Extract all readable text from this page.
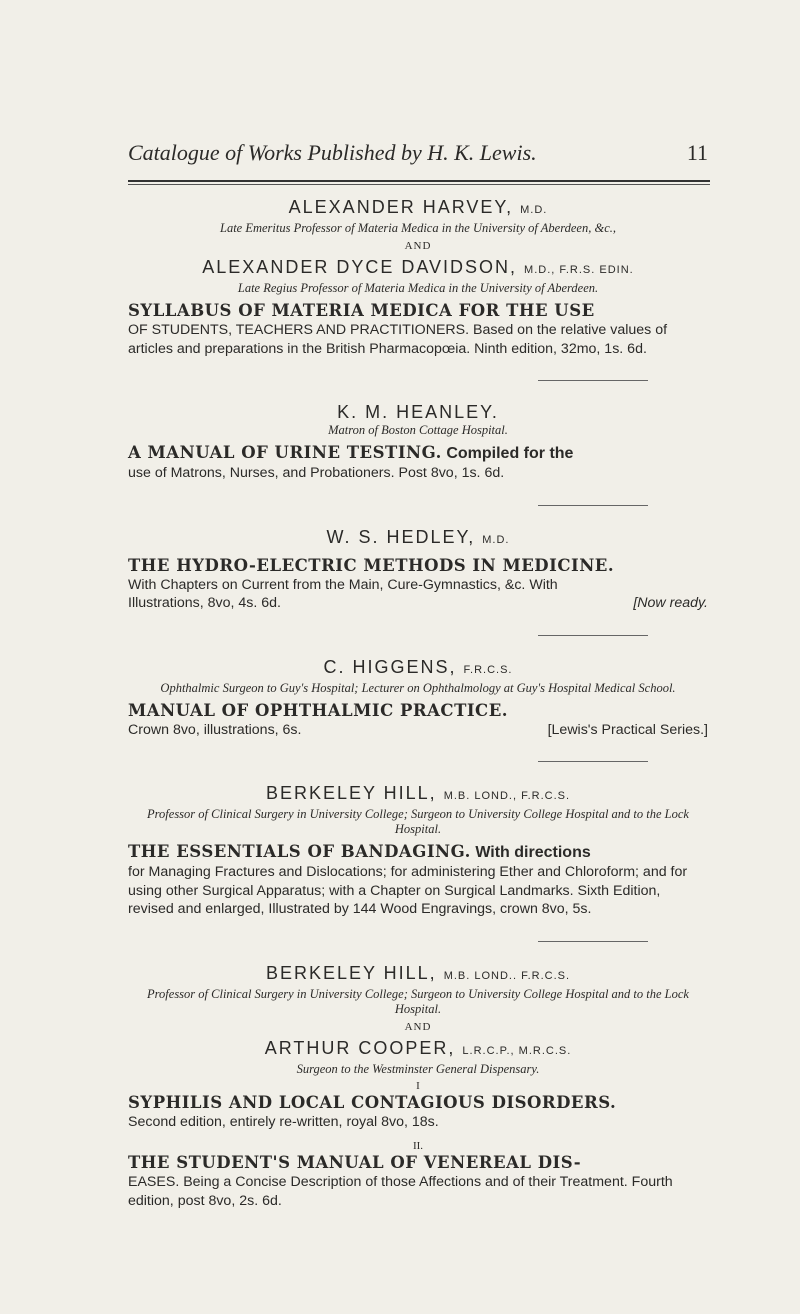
Catalogue of Works Published by H. K. Lewis.	11

ALEXANDER HARVEY, M.D.

Late Emeritus Professor of Materia Medica in the University of Aberdeen, &c.,

AND

ALEXANDER DYCE DAVIDSON, M.D., F.R.S. EDIN.

Late Regius Professor of Materia Medica in the University of Aberdeen.

SYLLABUS OF MATERIA MEDICA FOR THE USE
OF STUDENTS, TEACHERS AND PRACTITIONERS. Based on the relative values of articles and preparations in the British Pharmacopœia. Ninth edition, 32mo, 1s. 6d.

K. M. HEANLEY.

Matron of Boston Cottage Hospital.

A MANUAL OF URINE TESTING. Compiled for the
use of Matrons, Nurses, and Probationers. Post 8vo, 1s. 6d.

W. S. HEDLEY, M.D.

THE HYDRO-ELECTRIC METHODS IN MEDICINE.
With Chapters on Current from the Main, Cure-Gymnastics, &c. With
Illustrations, 8vo, 4s. 6d.	[Now ready.

C. HIGGENS, F.R.C.S.

Ophthalmic Surgeon to Guy's Hospital; Lecturer on Ophthalmology at Guy's Hospital Medical School.

MANUAL OF OPHTHALMIC PRACTICE.
Crown 8vo, illustrations, 6s.	[Lewis's Practical Series.]

BERKELEY HILL, M.B. LOND., F.R.C.S.

Professor of Clinical Surgery in University College; Surgeon to University College Hospital and to the Lock Hospital.

THE ESSENTIALS OF BANDAGING. With directions
for Managing Fractures and Dislocations; for administering Ether and Chloroform; and for using other Surgical Apparatus; with a Chapter on Surgical Landmarks. Sixth Edition, revised and enlarged, Illustrated by 144 Wood Engravings, crown 8vo, 5s.

BERKELEY HILL, M.B. LOND.. F.R.C.S.

Professor of Clinical Surgery in University College; Surgeon to University College Hospital and to the Lock Hospital.

AND

ARTHUR COOPER, L.R.C.P., M.R.C.S.

Surgeon to the Westminster General Dispensary.

I
SYPHILIS AND LOCAL CONTAGIOUS DISORDERS.
Second edition, entirely re-written, royal 8vo, 18s.
II.
THE STUDENT'S MANUAL OF VENEREAL DIS-
EASES. Being a Concise Description of those Affections and of their Treatment. Fourth edition, post 8vo, 2s. 6d.
